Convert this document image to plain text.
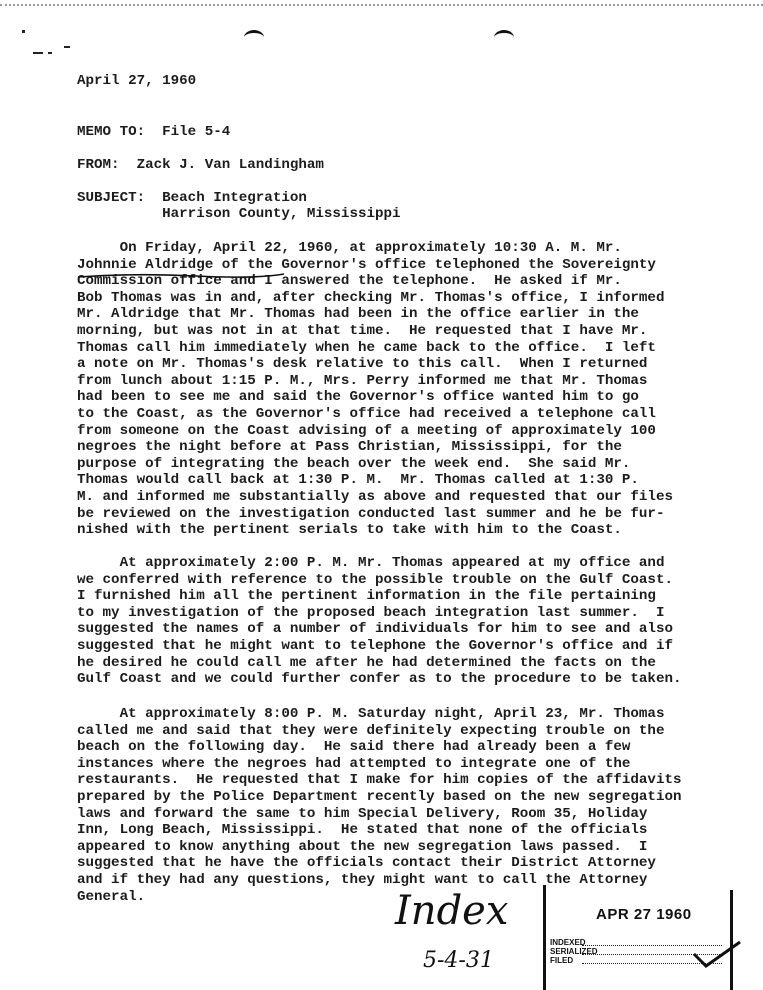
April 27, 1960
MEMO TO:  File 5-4
FROM:  Zack J. Van Landingham
SUBJECT:  Beach Integration
Harrison County, Mississippi
On Friday, April 22, 1960, at approximately 10:30 A. M. Mr.
Johnnie Aldridge of the Governor's office telephoned the Sovereignty
Commission office and I answered the telephone.  He asked if Mr.
Bob Thomas was in and, after checking Mr. Thomas's office, I informed
Mr. Aldridge that Mr. Thomas had been in the office earlier in the
morning, but was not in at that time.  He requested that I have Mr.
Thomas call him immediately when he came back to the office.  I left
a note on Mr. Thomas's desk relative to this call.  When I returned
from lunch about 1:15 P. M., Mrs. Perry informed me that Mr. Thomas
had been to see me and said the Governor's office wanted him to go
to the Coast, as the Governor's office had received a telephone call
from someone on the Coast advising of a meeting of approximately 100
negroes the night before at Pass Christian, Mississippi, for the
purpose of integrating the beach over the week end.  She said Mr.
Thomas would call back at 1:30 P. M.  Mr. Thomas called at 1:30 P.
M. and informed me substantially as above and requested that our files
be reviewed on the investigation conducted last summer and he be fur-
nished with the pertinent serials to take with him to the Coast.
At approximately 2:00 P. M. Mr. Thomas appeared at my office and
we conferred with reference to the possible trouble on the Gulf Coast.
I furnished him all the pertinent information in the file pertaining
to my investigation of the proposed beach integration last summer.  I
suggested the names of a number of individuals for him to see and also
suggested that he might want to telephone the Governor's office and if
he desired he could call me after he had determined the facts on the
Gulf Coast and we could further confer as to the procedure to be taken.
At approximately 8:00 P. M. Saturday night, April 23, Mr. Thomas
called me and said that they were definitely expecting trouble on the
beach on the following day.  He said there had already been a few
instances where the negroes had attempted to integrate one of the
restaurants.  He requested that I make for him copies of the affidavits
prepared by the Police Department recently based on the new segregation
laws and forward the same to him Special Delivery, Room 35, Holiday
Inn, Long Beach, Mississippi.  He stated that none of the officials
appeared to know anything about the new segregation laws passed.  I
suggested that he have the officials contact their District Attorney
and if they had any questions, they might want to call the Attorney
General.	Index
5-4-31
APR 27 1960
INDEXED
SERIALIZED
FILED
